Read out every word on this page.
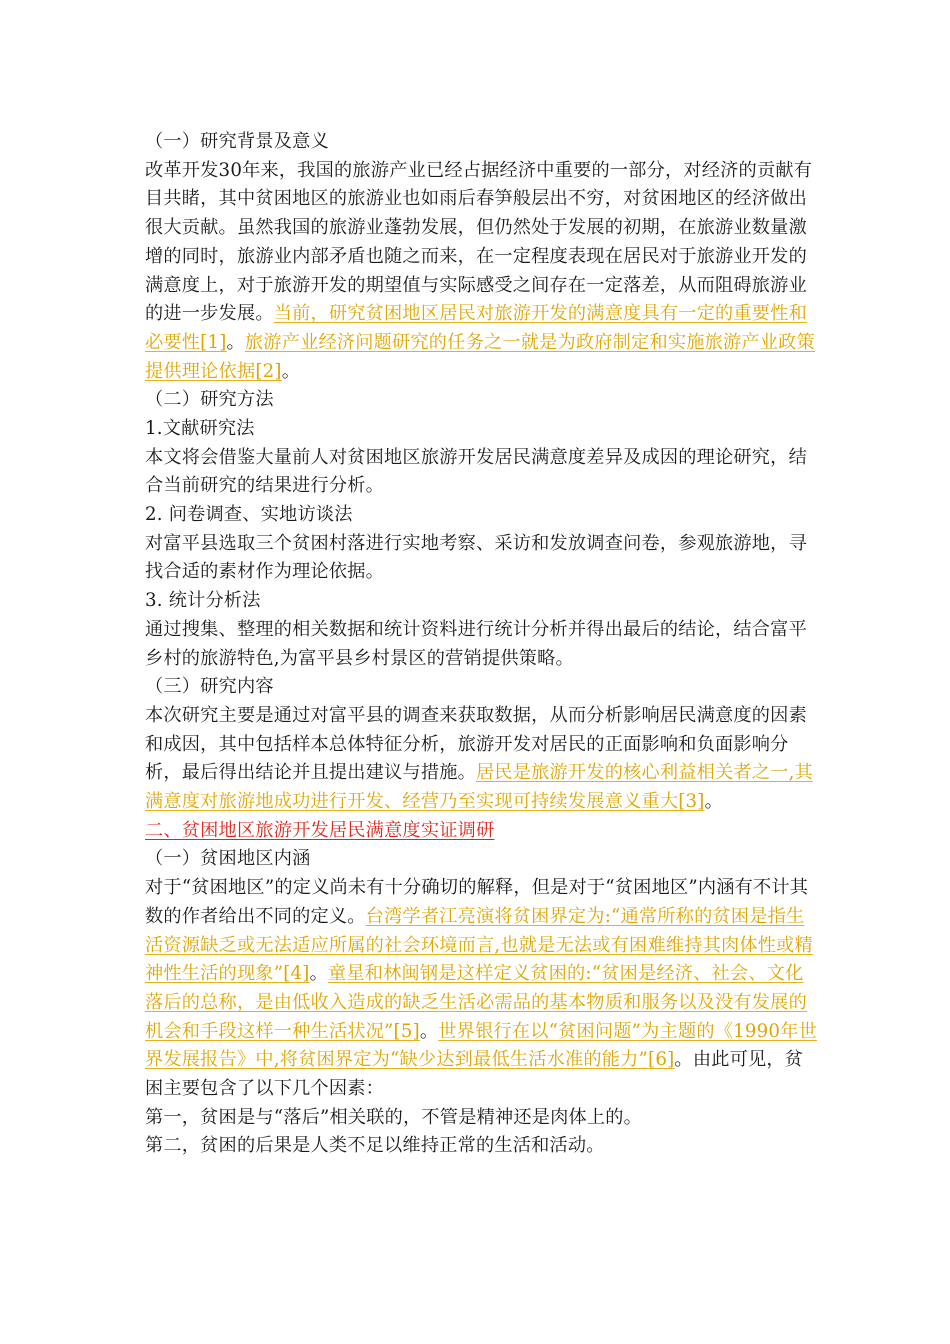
（一）研究背景及意义
改革开发30年来，我国的旅游产业已经占据经济中重要的一部分，对经济的贡献有目共睹，其中贫困地区的旅游业也如雨后春笋般层出不穷，对贫困地区的经济做出很大贡献。虽然我国的旅游业蓬勃发展，但仍然处于发展的初期，在旅游业数量激增的同时，旅游业内部矛盾也随之而来，在一定程度表现在居民对于旅游业开发的满意度上，对于旅游开发的期望值与实际感受之间存在一定落差，从而阻碍旅游业的进一步发展。当前，研究贫困地区居民对旅游开发的满意度具有一定的重要性和必要性[1]。旅游产业经济问题研究的任务之一就是为政府制定和实施旅游产业政策提供理论依据[2]。
（二）研究方法
1.文献研究法
本文将会借鉴大量前人对贫困地区旅游开发居民满意度差异及成因的理论研究，结合当前研究的结果进行分析。
2. 问卷调查、实地访谈法
对富平县选取三个贫困村落进行实地考察、采访和发放调查问卷，参观旅游地，寻找合适的素材作为理论依据。
3. 统计分析法
通过搜集、整理的相关数据和统计资料进行统计分析并得出最后的结论，结合富平乡村的旅游特色,为富平县乡村景区的营销提供策略。
（三）研究内容
本次研究主要是通过对富平县的调查来获取数据，从而分析影响居民满意度的因素和成因，其中包括样本总体特征分析，旅游开发对居民的正面影响和负面影响分析，最后得出结论并且提出建议与措施。居民是旅游开发的核心利益相关者之一,其满意度对旅游地成功进行开发、经营乃至实现可持续发展意义重大[3]。
二、贫困地区旅游开发居民满意度实证调研
（一）贫困地区内涵
对于“贫困地区”的定义尚未有十分确切的解释，但是对于“贫困地区”内涵有不计其数的作者给出不同的定义。台湾学者江亮演将贫困界定为:“通常所称的贫困是指生活资源缺乏或无法适应所属的社会环境而言,也就是无法或有困难维持其肉体性或精神性生活的现象”[4]。童星和林闽钢是这样定义贫困的:“贫困是经济、社会、文化落后的总称，是由低收入造成的缺乏生活必需品的基本物质和服务以及没有发展的机会和手段这样一种生活状况”[5]。世界银行在以“贫困问题”为主题的《1990年世界发展报告》中,将贫困界定为“缺少达到最低生活水准的能力”[6]。由此可见，贫困主要包含了以下几个因素：
第一，贫困是与“落后”相关联的，不管是精神还是肉体上的。
第二，贫困的后果是人类不足以维持正常的生活和活动。
